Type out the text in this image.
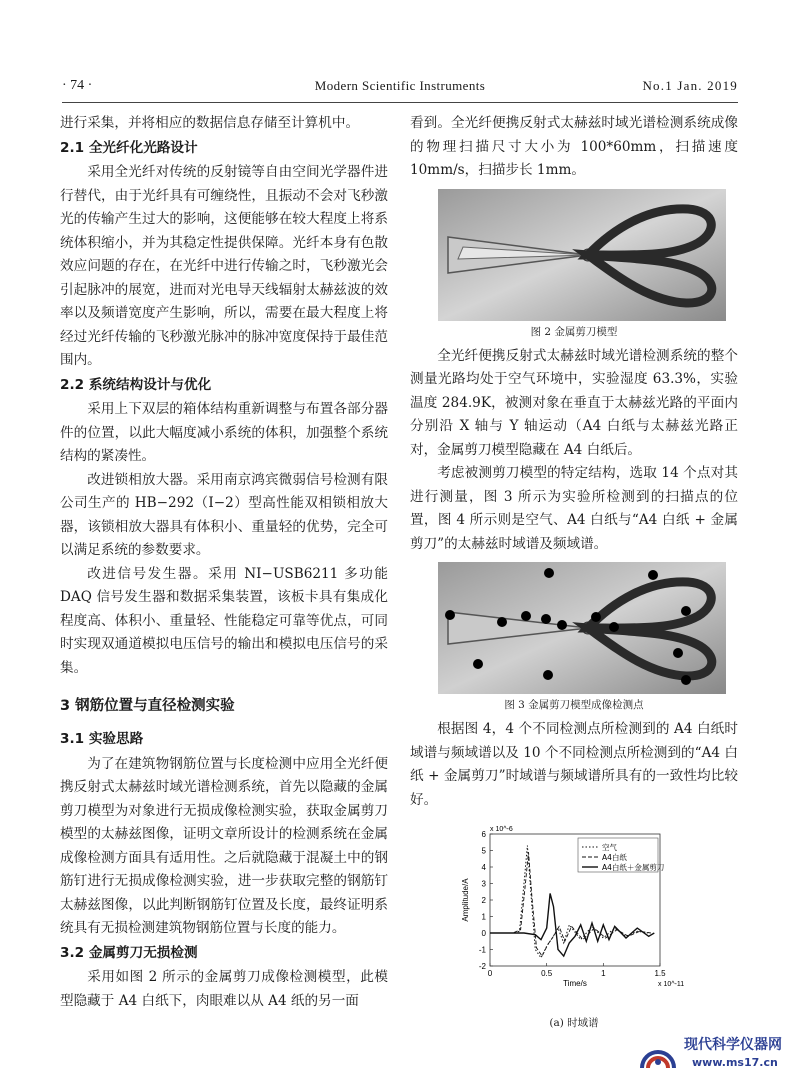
· 74 ·	Modern Scientific Instruments	No.1 Jan. 2019

进行采集，并将相应的数据信息存储至计算机中。

2.1 全光纤化光路设计

采用全光纤对传统的反射镜等自由空间光学器件进行替代，由于光纤具有可缠绕性，且振动不会对飞秒激光的传输产生过大的影响，这便能够在较大程度上将系统体积缩小，并为其稳定性提供保障。光纤本身有色散效应问题的存在，在光纤中进行传输之时，飞秒激光会引起脉冲的展宽，进而对光电导天线辐射太赫兹波的效率以及频谱宽度产生影响，所以，需要在最大程度上将经过光纤传输的飞秒激光脉冲的脉冲宽度保持于最佳范围内。

2.2 系统结构设计与优化

采用上下双层的箱体结构重新调整与布置各部分器件的位置，以此大幅度减小系统的体积，加强整个系统结构的紧凑性。

改进锁相放大器。采用南京鸿宾微弱信号检测有限公司生产的 HB−292（I−2）型高性能双相锁相放大器，该锁相放大器具有体积小、重量轻的优势，完全可以满足系统的参数要求。

改进信号发生器。采用 NI−USB6211 多功能 DAQ 信号发生器和数据采集装置，该板卡具有集成化程度高、体积小、重量轻、性能稳定可靠等优点，可同时实现双通道模拟电压信号的输出和模拟电压信号的采集。

3 钢筋位置与直径检测实验
3.1 实验思路

为了在建筑物钢筋位置与长度检测中应用全光纤便携反射式太赫兹时域光谱检测系统，首先以隐藏的金属剪刀模型为对象进行无损成像检测实验，获取金属剪刀模型的太赫兹图像，证明文章所设计的检测系统在金属成像检测方面具有适用性。之后就隐藏于混凝土中的钢筋钉进行无损成像检测实验，进一步获取完整的钢筋钉太赫兹图像，以此判断钢筋钉位置及长度，最终证明系统具有无损检测建筑物钢筋位置与长度的能力。

3.2 金属剪刀无损检测

采用如图 2 所示的金属剪刀成像检测模型，此模型隐藏于 A4 白纸下，肉眼难以从 A4 纸的另一面

看到。全光纤便携反射式太赫兹时域光谱检测系统成像的物理扫描尺寸大小为 100*60mm，扫描速度 10mm/s，扫描步长 1mm。

图 2 金属剪刀模型

全光纤便携反射式太赫兹时域光谱检测系统的整个测量光路均处于空气环境中，实验湿度 63.3%，实验温度 284.9K，被测对象在垂直于太赫兹光路的平面内分别沿 X 轴与 Y 轴运动（A4 白纸与太赫兹光路正对，金属剪刀模型隐藏在 A4 白纸后。

考虑被测剪刀模型的特定结构，选取 14 个点对其进行测量，图 3 所示为实验所检测到的扫描点的位置，图 4 所示则是空气、A4 白纸与“A4 白纸 + 金属剪刀”的太赫兹时域谱及频域谱。

图 3 金属剪刀模型成像检测点

根据图 4，4 个不同检测点所检测到的 A4 白纸时域谱与频域谱以及 10 个不同检测点所检测到的“A4 白纸 + 金属剪刀”时域谱与频域谱所具有的一致性均比较好。

-2
-1
0
1
2
3
4
5
6
0	0.5	1	1.5
Time/s
Amplitude/A
x 10^-6
x 10^-11
空气
A4白纸
A4白纸＋金属剪刀
(a) 时域谱
现代科学仪器网
www.ms17.cn
